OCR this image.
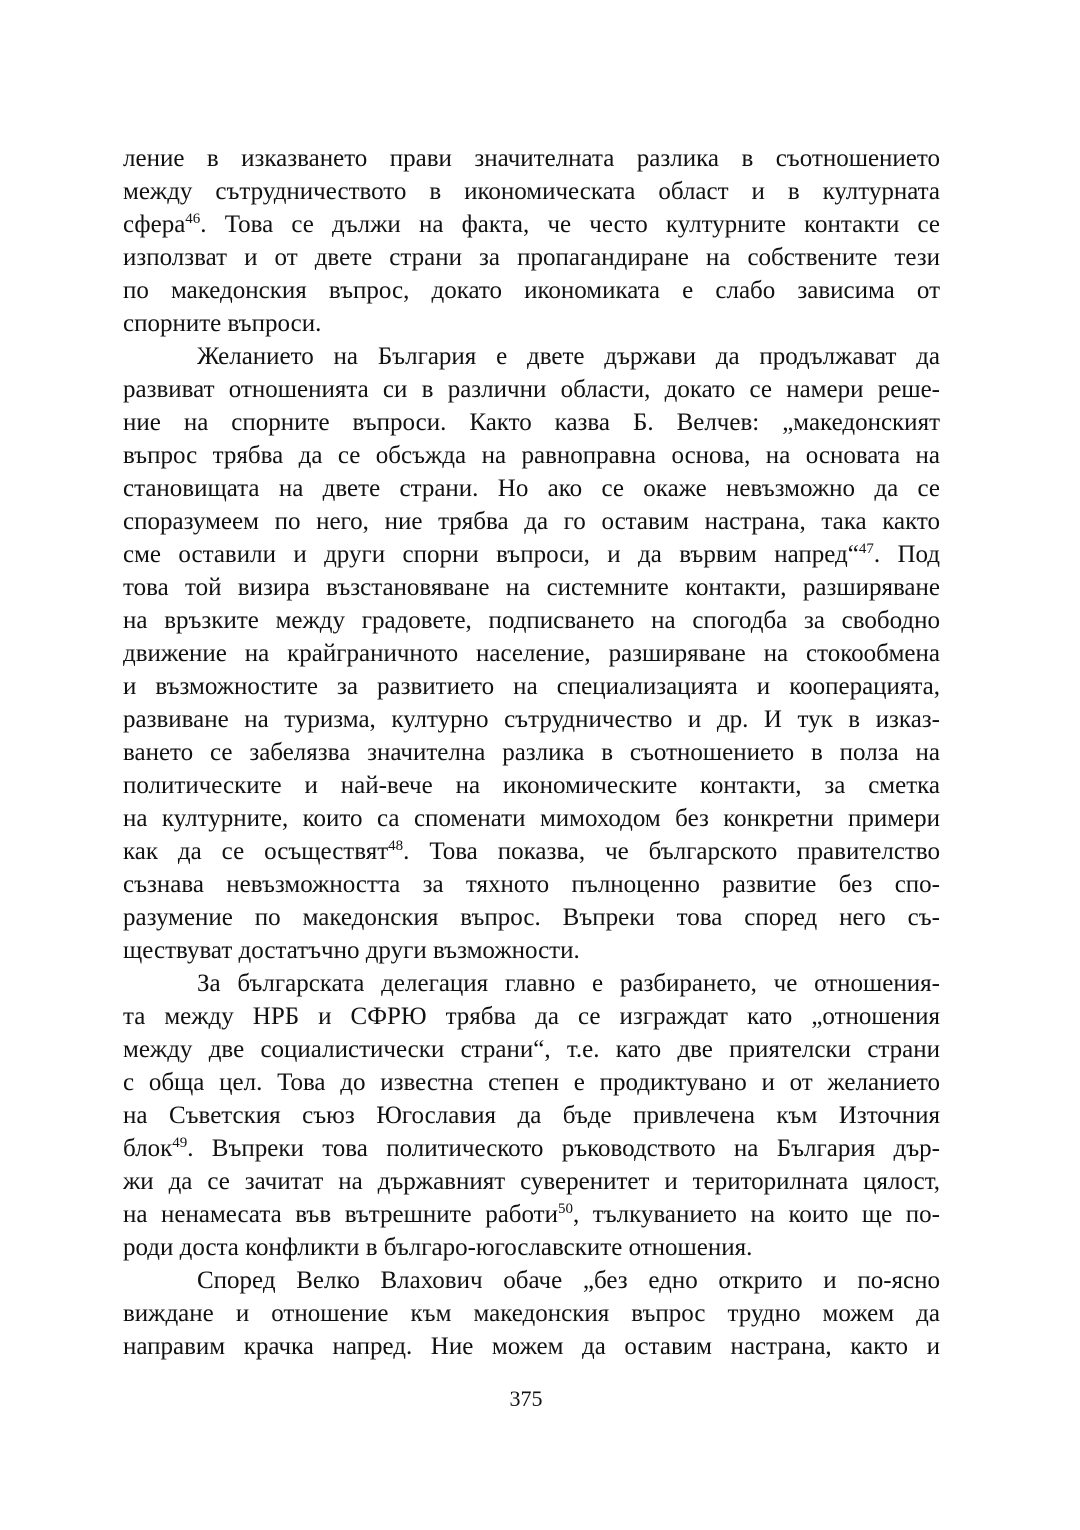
ление в изказването прави значителната разлика в съотношението
между сътрудничеството в икономическата област и в културната
сфера$^{46}$. Това се дължи на факта, че често културните контакти се
използват и от двете страни за пропагандиране на собствените тези
по македонския въпрос, докато икономиката е слабо зависима от
спорните въпроси.
Желанието на България е двете държави да продължават да
развиват отношенията си в различни области, докато се намери реше-
ние на спорните въпроси. Както казва Б. Велчев: „македонският
въпрос трябва да се обсъжда на равноправна основа, на основата на
становищата на двете страни. Но ако се окаже невъзможно да се
споразумеем по него, ние трябва да го оставим настрана, така както
сме оставили и други спорни въпроси, и да вървим напред“$^{47}$. Под
това той визира възстановяване на системните контакти, разширяване
на връзките между градовете, подписването на спогодба за свободно
движение на крайграничното население, разширяване на стокообмена
и възможностите за развитието на специализацията и коопeрацията,
развиване на туризма, културно сътрудничество и др. И тук в изказ-
ването се забелязва значителна разлика в съотношението в полза на
политическите и най-вече на икономическите контакти, за сметка
на културните, които са споменати мимоходом без конкретни примери
как да се осъществят$^{48}$. Това показва, че българското правителство
съзнава невъзможността за тяхното пълноценно развитие без спо-
разумение по македонския въпрос. Въпреки това според него съ-
ществуват достатъчно други възможности.
За българската делегация главно е разбирането, че отношения-
та между НРБ и СФРЮ трябва да се изграждат като „отношения
между две социалистически страни“, т.е. като две приятелски страни
с обща цел. Това до известна степен е продиктувано и от желанието
на Съветския съюз Югославия да бъде привлечена към Източния
блок$^{49}$. Въпреки това политическото ръководството на България дър-
жи да се зачитат на държавният суверенитет и територилната цялост,
на ненамесата във вътрешните работи$^{50}$, тълкуванието на които ще по-
роди доста конфликти в българо-югославските отношения.
Според Велко Влахович обаче „без едно открито и по-ясно
виждане и отношение към македонския въпрос трудно можем да
направим крачка напред. Ние можем да оставим настрана, както и
375
